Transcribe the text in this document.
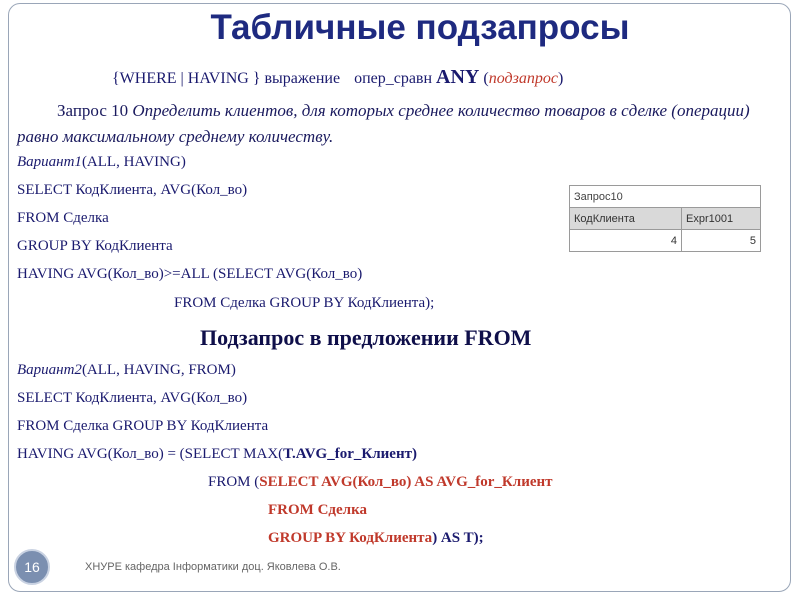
Табличные подзапросы
{WHERE | HAVING } выражение опер_сравн ANY (подзапрос)
Запрос 10 Определить клиентов, для которых среднее количество товаров в сделке (операции) равно максимальному среднему количеству.
Вариант1(ALL, HAVING)
SELECT КодКлиента, AVG(Кол_во)
FROM Сделка
GROUP BY КодКлиента
HAVING AVG(Кол_во)>=ALL (SELECT AVG(Кол_во)
FROM Сделка GROUP BY КодКлиента);
Запрос10	
КодКлиента	Expr1001
4	5
Подзапрос в предложении FROM
Вариант2(ALL, HAVING, FROM)
SELECT КодКлиента, AVG(Кол_во)
FROM Сделка GROUP BY КодКлиента
HAVING AVG(Кол_во) = (SELECT MAX(T.AVG_for_Клиент)
FROM (SELECT AVG(Кол_во) AS AVG_for_Клиент
FROM Сделка
GROUP BY КодКлиента) AS T);
16	ХНУРЕ кафедра Інформатики доц. Яковлева О.В.
